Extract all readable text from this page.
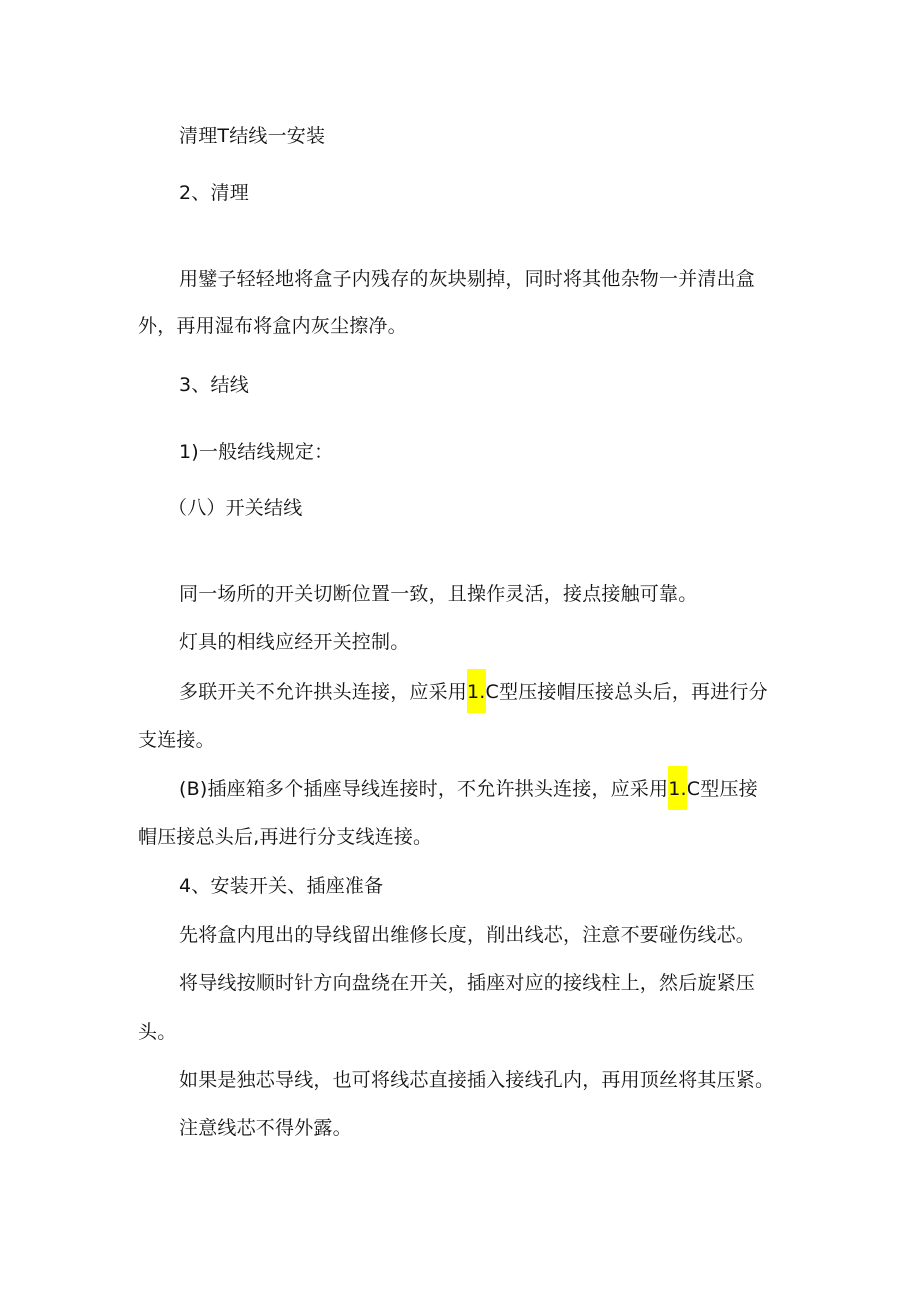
清理T结线一安装
2、清理
用鐾子轻轻地将盒子内残存的灰块剔掉，同时将其他杂物一并清出盒
外，再用湿布将盒内灰尘擦净。
3、结线
1)一般结线规定：
（八）开关结线
同一场所的开关切断位置一致，且操作灵活，接点接触可靠。
灯具的相线应经开关控制。
多联开关不允许拱头连接，应采用1.C型压接帽压接总头后，再进行分
支连接。
(B)插座箱多个插座导线连接时，不允许拱头连接，应采用1.C型压接
帽压接总头后,再进行分支线连接。
4、安装开关、插座准备
先将盒内甩出的导线留出维修长度，削出线芯，注意不要碰伤线芯。
将导线按顺时针方向盘绕在开关，插座对应的接线柱上，然后旋紧压
头。
如果是独芯导线，也可将线芯直接插入接线孔内，再用顶丝将其压紧。
注意线芯不得外露。
